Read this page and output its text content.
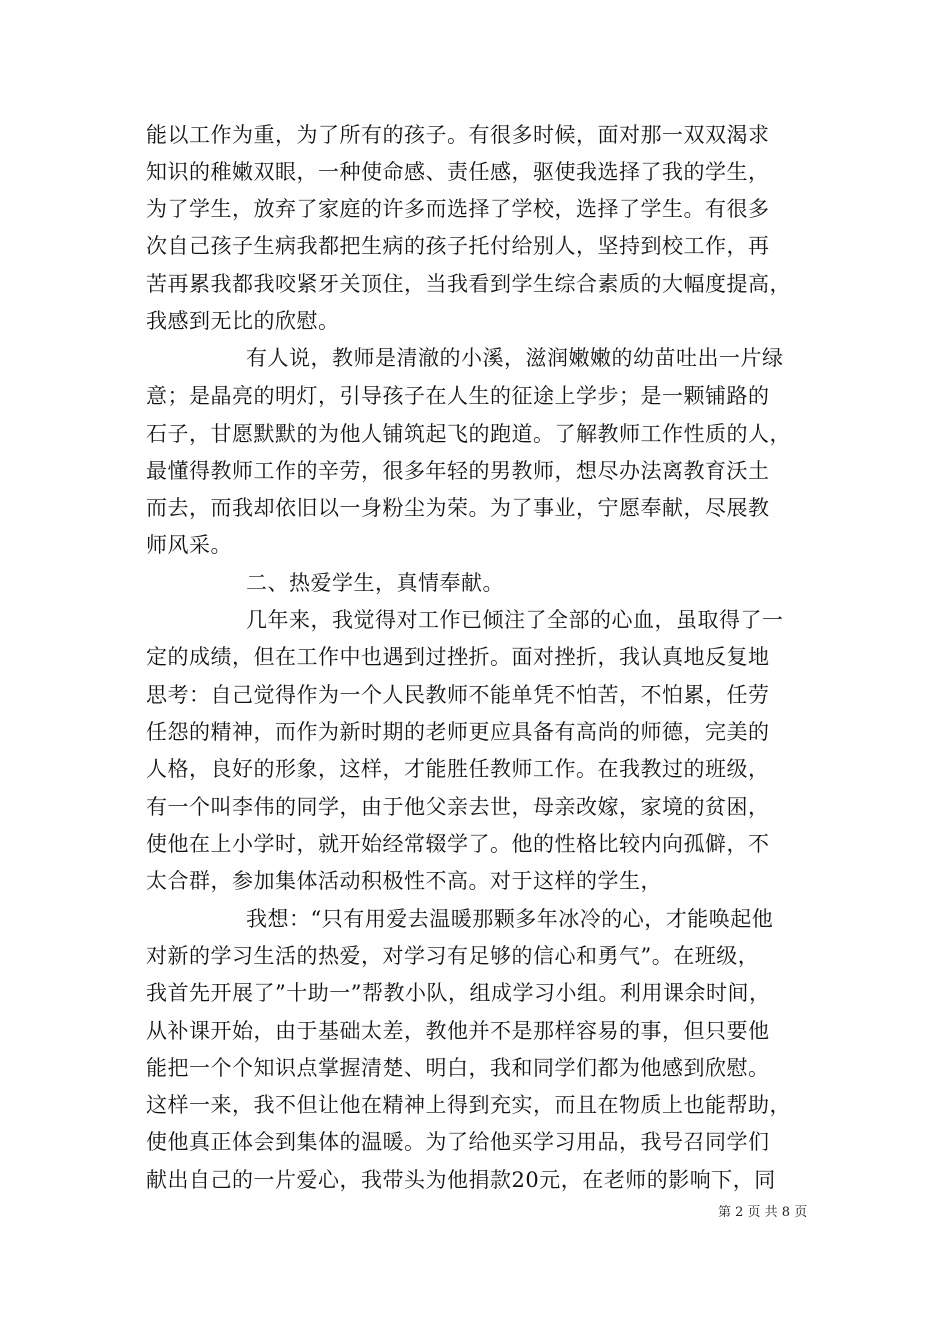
能以工作为重，为了所有的孩子。有很多时候，面对那一双双渴求
知识的稚嫩双眼，一种使命感、责任感，驱使我选择了我的学生，
为了学生，放弃了家庭的许多而选择了学校，选择了学生。有很多
次自己孩子生病我都把生病的孩子托付给别人，坚持到校工作，再
苦再累我都我咬紧牙关顶住，当我看到学生综合素质的大幅度提高，
我感到无比的欣慰。
有人说，教师是清澈的小溪，滋润嫩嫩的幼苗吐出一片绿
意；是晶亮的明灯，引导孩子在人生的征途上学步；是一颗铺路的
石子，甘愿默默的为他人铺筑起飞的跑道。了解教师工作性质的人，
最懂得教师工作的辛劳，很多年轻的男教师，想尽办法离教育沃土
而去，而我却依旧以一身粉尘为荣。为了事业，宁愿奉献，尽展教
师风采。
二、热爱学生，真情奉献。
几年来，我觉得对工作已倾注了全部的心血，虽取得了一
定的成绩，但在工作中也遇到过挫折。面对挫折，我认真地反复地
思考：自己觉得作为一个人民教师不能单凭不怕苦，不怕累，任劳
任怨的精神，而作为新时期的老师更应具备有高尚的师德，完美的
人格，良好的形象，这样，才能胜任教师工作。在我教过的班级，
有一个叫李伟的同学，由于他父亲去世，母亲改嫁，家境的贫困，
使他在上小学时，就开始经常辍学了。他的性格比较内向孤僻，不
太合群，参加集体活动积极性不高。对于这样的学生，
我想：“只有用爱去温暖那颗多年冰冷的心，才能唤起他
对新的学习生活的热爱，对学习有足够的信心和勇气”。在班级，
我首先开展了”十助一”帮教小队，组成学习小组。利用课余时间，
从补课开始，由于基础太差，教他并不是那样容易的事，但只要他
能把一个个知识点掌握清楚、明白，我和同学们都为他感到欣慰。
这样一来，我不但让他在精神上得到充实，而且在物质上也能帮助，
使他真正体会到集体的温暖。为了给他买学习用品，我号召同学们
献出自己的一片爱心，我带头为他捐款20元，在老师的影响下，同
第 2 页 共 8 页
